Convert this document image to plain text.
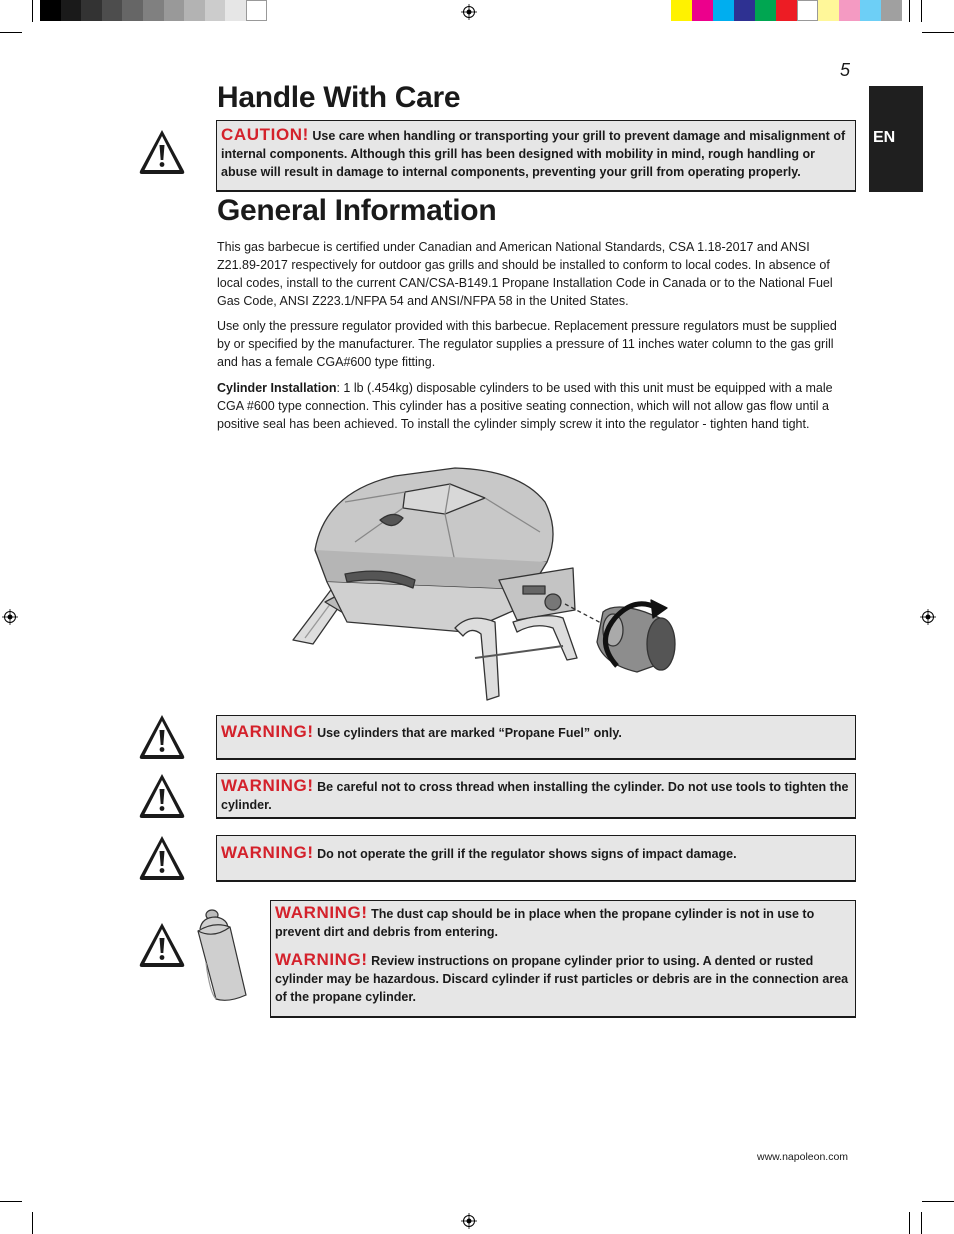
5
EN
Handle With Care

CAUTION! Use care when handling or transporting your grill to prevent damage and misalignment of internal components. Although this grill has been designed with mobility in mind, rough handling or abuse will result in damage to internal components, preventing your grill from operating properly.

General Information

This gas barbecue is certified under Canadian and American National Standards, CSA 1.18-2017 and ANSI Z21.89-2017 respectively for outdoor gas grills and should be installed to conform to local codes. In absence of local codes, install to the current CAN/CSA-B149.1 Propane Installation Code in Canada or to the National Fuel Gas Code, ANSI Z223.1/NFPA 54 and ANSI/NFPA 58 in the United States.

Use only the pressure regulator provided with this barbecue. Replacement pressure regulators must be supplied by or specified by the manufacturer. The regulator supplies a pressure of 11 inches water column to the gas grill and has a female CGA#600 type fitting.

Cylinder Installation: 1 lb (.454kg) disposable cylinders to be used with this unit must be equipped with a male CGA #600 type connection. This cylinder has a positive seating connection, which will not allow gas flow until a positive seal has been achieved. To install the cylinder simply screw it into the regulator - tighten hand tight.

WARNING! Use cylinders that are marked “Propane Fuel” only.

WARNING! Be careful not to cross thread when installing the cylinder. Do not use tools to tighten the cylinder.

WARNING! Do not operate the grill if the regulator shows signs of impact damage.

WARNING! The dust cap should be in place when the propane cylinder is not in use to prevent dirt and debris from entering.

WARNING! Review instructions on propane cylinder prior to using. A dented or rusted cylinder may be hazardous. Discard cylinder if rust particles or debris are in the connection area of the propane cylinder.

www.napoleon.com
